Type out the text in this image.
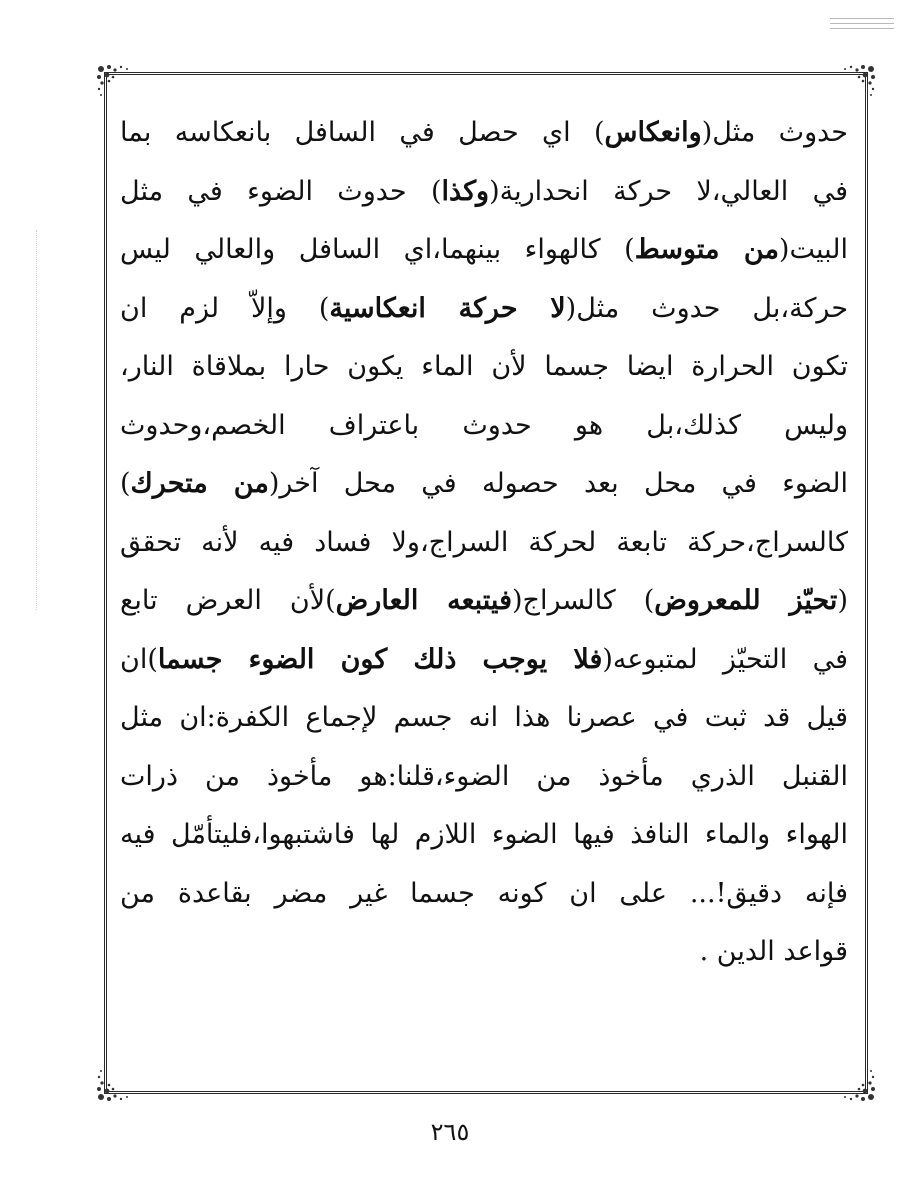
حدوث مثل(وانعكاس) اي حصل في السافل بانعكاسه بما
في العالي،لا حركة انحدارية(وكذا) حدوث الضوء في مثل
البيت(من متوسط) كالهواء بينهما،اي السافل والعالي ليس
حركة،بل حدوث مثل(لا حركة انعكاسية) وإلاّ لزم ان
تكون الحرارة ايضا جسما لأن الماء يكون حارا بملاقاة النار،
وليس كذلك،بل هو حدوث باعتراف الخصم،وحدوث
الضوء في محل بعد حصوله في محل آخر(من متحرك)
كالسراج،حركة تابعة لحركة السراج،ولا فساد فيه لأنه تحقق
(تحيّز للمعروض) كالسراج(فيتبعه العارض)لأن العرض تابع
في التحيّز لمتبوعه(فلا يوجب ذلك كون الضوء جسما)ان
قيل قد ثبت في عصرنا هذا انه جسم لإجماع الكفرة:ان مثل
القنبل الذري مأخوذ من الضوء،قلنا:هو مأخوذ من ذرات
الهواء والماء النافذ فيها الضوء اللازم لها فاشتبهوا،فليتأمّل فيه
فإنه دقيق!... على ان كونه جسما غير مضر بقاعدة من
قواعد الدين .
٢٦٥
